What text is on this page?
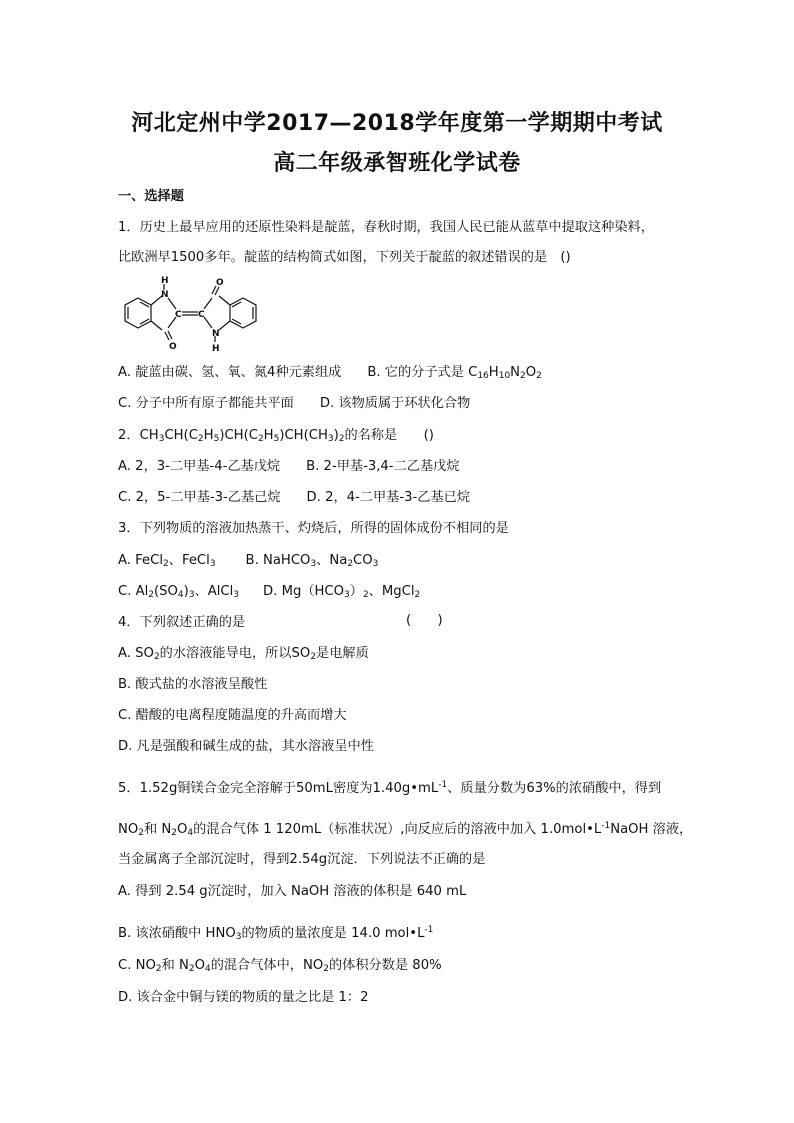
河北定州中学2017—2018学年度第一学期期中考试
高二年级承智班化学试卷
一、选择题
1．历史上最早应用的还原性染料是靛蓝，春秋时期，我国人民已能从蓝草中提取这种染料，
比欧洲早1500多年。靛蓝的结构简式如图，下列关于靛蓝的叙述错误的是　()
H
N
O
C C
O
N
H
A. 靛蓝由碳、氢、氧、氮4种元素组成 B. 它的分子式是 $C_{16}H_{10}N_2O_2$
C. 分子中所有原子都能共平面 D. 该物质属于环状化合物
2．$CH_3CH(C_2H_5)CH(C_2H_5)CH(CH_3)_2$的名称是　　()
A. 2，3-二甲基-4-乙基戊烷 B. 2-甲基-3,4-二乙基戊烷
C. 2，5-二甲基-3-乙基己烷 D. 2，4-二甲基-3-乙基已烷
3．下列物质的溶液加热蒸干、灼烧后，所得的固体成份不相同的是
A. FeCl$_2$、FeCl$_3$ B. NaHCO$_3$、$Na_2CO_3$
C. $Al_2(SO_4)_3$、AlCl$_3$ D. $Mg(HCO_3)_2$、MgCl$_2$
4．下列叙述正确的是	(　　)
A. $SO_2$的水溶液能导电，所以$SO_2$是电解质
B. 酸式盐的水溶液呈酸性
C. 醋酸的电离程度随温度的升高而增大
D. 凡是强酸和碱生成的盐，其水溶液呈中性
5．1.52g铜镁合金完全溶解于50mL密度为$1.40g•mL^{-1}$、质量分数为63%的浓硝酸中，得到
$NO_2$和 $N_2O_4$的混合气体 1 120mL（标准状况）,向反应后的溶液中加入 $1.0mol•L^{-1}NaOH$ 溶液，
当金属离子全部沉淀时，得到2.54g沉淀．下列说法不正确的是
A. 得到 2.54 g沉淀时，加入 NaOH 溶液的体积是 640 mL
B. 该浓硝酸中 $HNO_3$的物质的量浓度是 14.0 $mol•L^{-1}$
C. $NO_2$和 $N_2O_4$的混合气体中，$NO_2$的体积分数是 80%
D. 该合金中铜与镁的物质的量之比是 1：2
